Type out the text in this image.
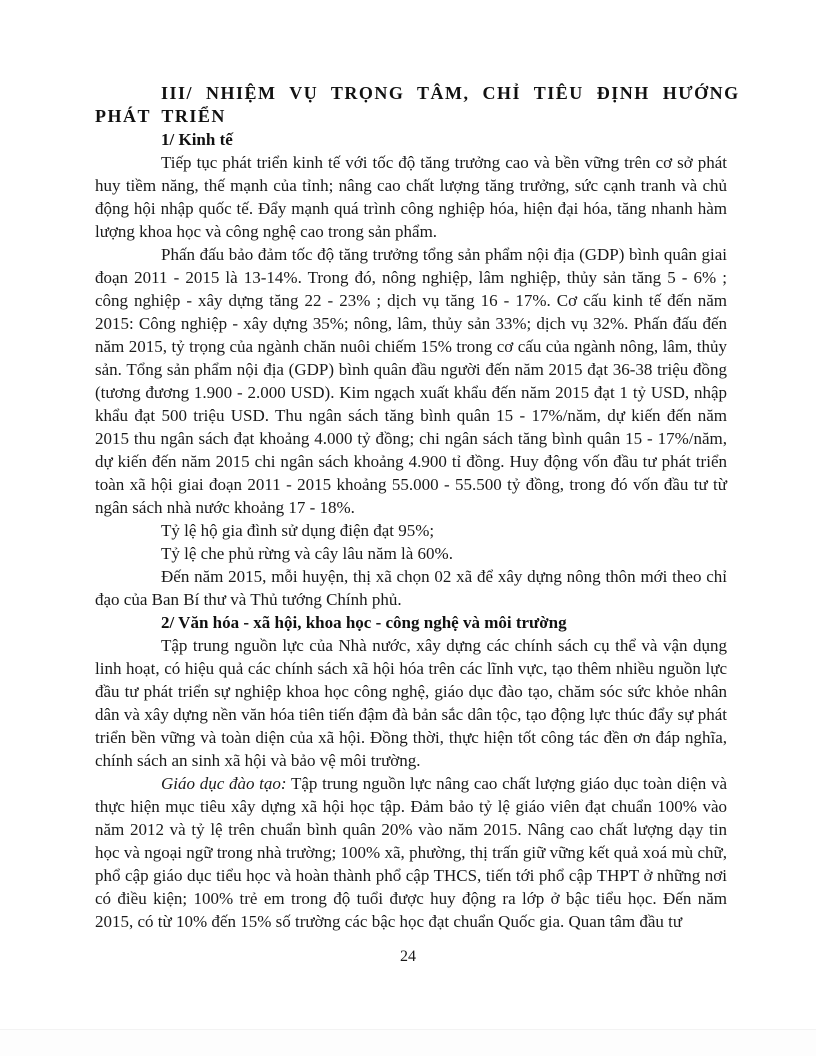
III/ NHIỆM VỤ TRỌNG TÂM, CHỈ TIÊU ĐỊNH HƯỚNG
PHÁT TRIỂN
1/ Kinh tế

Tiếp tục phát triển kinh tế với tốc độ tăng trưởng cao và bền vững trên cơ sở phát huy tiềm năng, thế mạnh của tỉnh; nâng cao chất lượng tăng trưởng, sức cạnh tranh và chủ động hội nhập quốc tế. Đẩy mạnh quá trình công nghiệp hóa, hiện đại hóa, tăng nhanh hàm lượng khoa học và công nghệ cao trong sản phẩm.

Phấn đấu bảo đảm tốc độ tăng trưởng tổng sản phẩm nội địa (GDP) bình quân giai đoạn 2011 - 2015 là 13-14%. Trong đó, nông nghiệp, lâm nghiệp, thủy sản tăng 5 - 6% ; công nghiệp - xây dựng tăng 22 - 23% ; dịch vụ tăng 16 - 17%. Cơ cấu kinh tế đến năm 2015: Công nghiệp - xây dựng 35%; nông, lâm, thủy sản 33%; dịch vụ 32%. Phấn đấu đến năm 2015, tỷ trọng của ngành chăn nuôi chiếm 15% trong cơ cấu của ngành nông, lâm, thủy sản. Tổng sản phẩm nội địa (GDP) bình quân đầu người đến năm 2015 đạt 36-38 triệu đồng (tương đương 1.900 - 2.000 USD). Kim ngạch xuất khẩu đến năm 2015 đạt 1 tỷ USD, nhập khẩu đạt 500 triệu USD. Thu ngân sách tăng bình quân 15 - 17%/năm, dự kiến đến năm 2015 thu ngân sách đạt khoảng 4.000 tỷ đồng; chi ngân sách tăng bình quân 15 - 17%/năm, dự kiến đến năm 2015 chi ngân sách khoảng 4.900 tỉ đồng. Huy động vốn đầu tư phát triển toàn xã hội giai đoạn 2011 - 2015 khoảng 55.000 - 55.500 tỷ đồng, trong đó vốn đầu tư từ ngân sách nhà nước khoảng 17 - 18%.

Tỷ lệ hộ gia đình sử dụng điện đạt 95%;

Tỷ lệ che phủ rừng và cây lâu năm là 60%.

Đến năm 2015, mỗi huyện, thị xã chọn 02 xã để xây dựng nông thôn mới theo chỉ đạo của Ban Bí thư và Thủ tướng Chính phủ.

2/ Văn hóa - xã hội, khoa học - công nghệ và môi trường

Tập trung nguồn lực của Nhà nước, xây dựng các chính sách cụ thể và vận dụng linh hoạt, có hiệu quả các chính sách xã hội hóa trên các lĩnh vực, tạo thêm nhiều nguồn lực đầu tư phát triển sự nghiệp khoa học công nghệ, giáo dục đào tạo, chăm sóc sức khỏe nhân dân và xây dựng nền văn hóa tiên tiến đậm đà bản sắc dân tộc, tạo động lực thúc đẩy sự phát triển bền vững và toàn diện của xã hội. Đồng thời, thực hiện tốt công tác đền ơn đáp nghĩa, chính sách an sinh xã hội và bảo vệ môi trường.

Giáo dục đào tạo: Tập trung nguồn lực nâng cao chất lượng giáo dục toàn diện và thực hiện mục tiêu xây dựng xã hội học tập. Đảm bảo tỷ lệ giáo viên đạt chuẩn 100% vào năm 2012 và tỷ lệ trên chuẩn bình quân 20% vào năm 2015. Nâng cao chất lượng dạy tin học và ngoại ngữ trong nhà trường; 100% xã, phường, thị trấn giữ vững kết quả xoá mù chữ, phổ cập giáo dục tiểu học và hoàn thành phổ cập THCS, tiến tới phổ cập THPT ở những nơi có điều kiện; 100% trẻ em trong độ tuổi được huy động ra lớp ở bậc tiểu học. Đến năm 2015, có từ 10% đến 15% số trường các bậc học đạt chuẩn Quốc gia. Quan tâm đầu tư

24
